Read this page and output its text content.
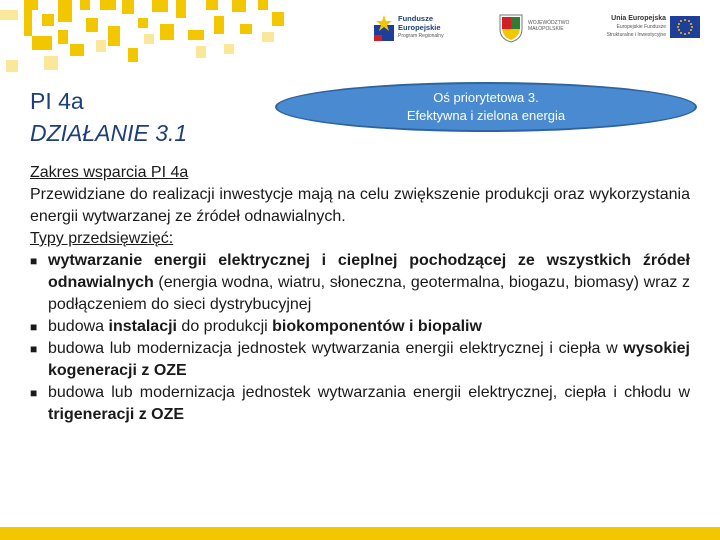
Fundusze
Europejskie
Program Regionalny
WOJEWÓDZTWO
MAŁOPOLSKIE
Unia Europejska
Europejskie Fundusze
Strukturalne i Inwestycyjne
PI 4a
DZIAŁANIE 3.1
Oś priorytetowa 3.
Efektywna i zielona energia
Zakres wsparcia PI 4a
Przewidziane do realizacji inwestycje mają na celu zwiększenie produkcji oraz wykorzystania energii wytwarzanej ze źródeł odnawialnych.
Typy przedsięwzięć:
■ wytwarzanie energii elektrycznej i cieplnej pochodzącej ze wszystkich źródeł odnawialnych (energia wodna, wiatru, słoneczna, geotermalna, biogazu, biomasy) wraz z podłączeniem do sieci dystrybucyjnej
■ budowa instalacji do produkcji biokomponentów i biopaliw
■ budowa lub modernizacja jednostek wytwarzania energii elektrycznej i ciepła w wysokiej kogeneracji z OZE
■ budowa lub modernizacja jednostek wytwarzania energii elektrycznej, ciepła i chłodu w trigeneracji z OZE
